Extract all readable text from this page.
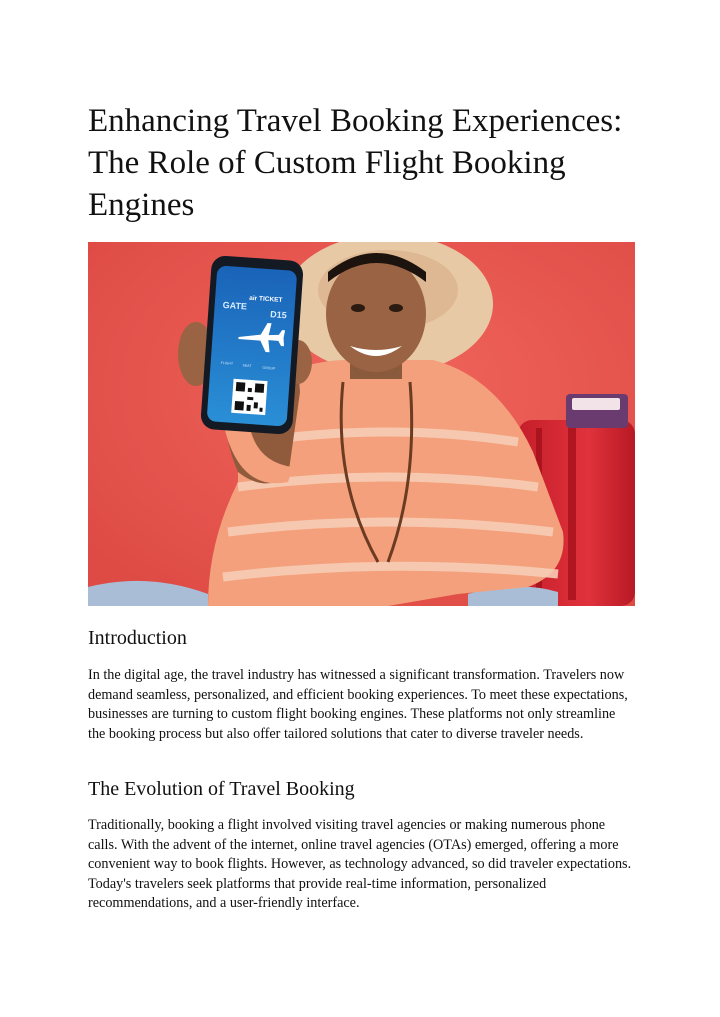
Enhancing Travel Booking Experiences: The Role of Custom Flight Booking Engines
air TICKET
GATE
D15
FLIGHT	SEAT
GROUP
Introduction

In the digital age, the travel industry has witnessed a significant transformation. Travelers now demand seamless, personalized, and efficient booking experiences. To meet these expectations, businesses are turning to custom flight booking engines. These platforms not only streamline the booking process but also offer tailored solutions that cater to diverse traveler needs.

The Evolution of Travel Booking

Traditionally, booking a flight involved visiting travel agencies or making numerous phone calls. With the advent of the internet, online travel agencies (OTAs) emerged, offering a more convenient way to book flights. However, as technology advanced, so did traveler expectations. Today's travelers seek platforms that provide real-time information, personalized recommendations, and a user-friendly interface.
